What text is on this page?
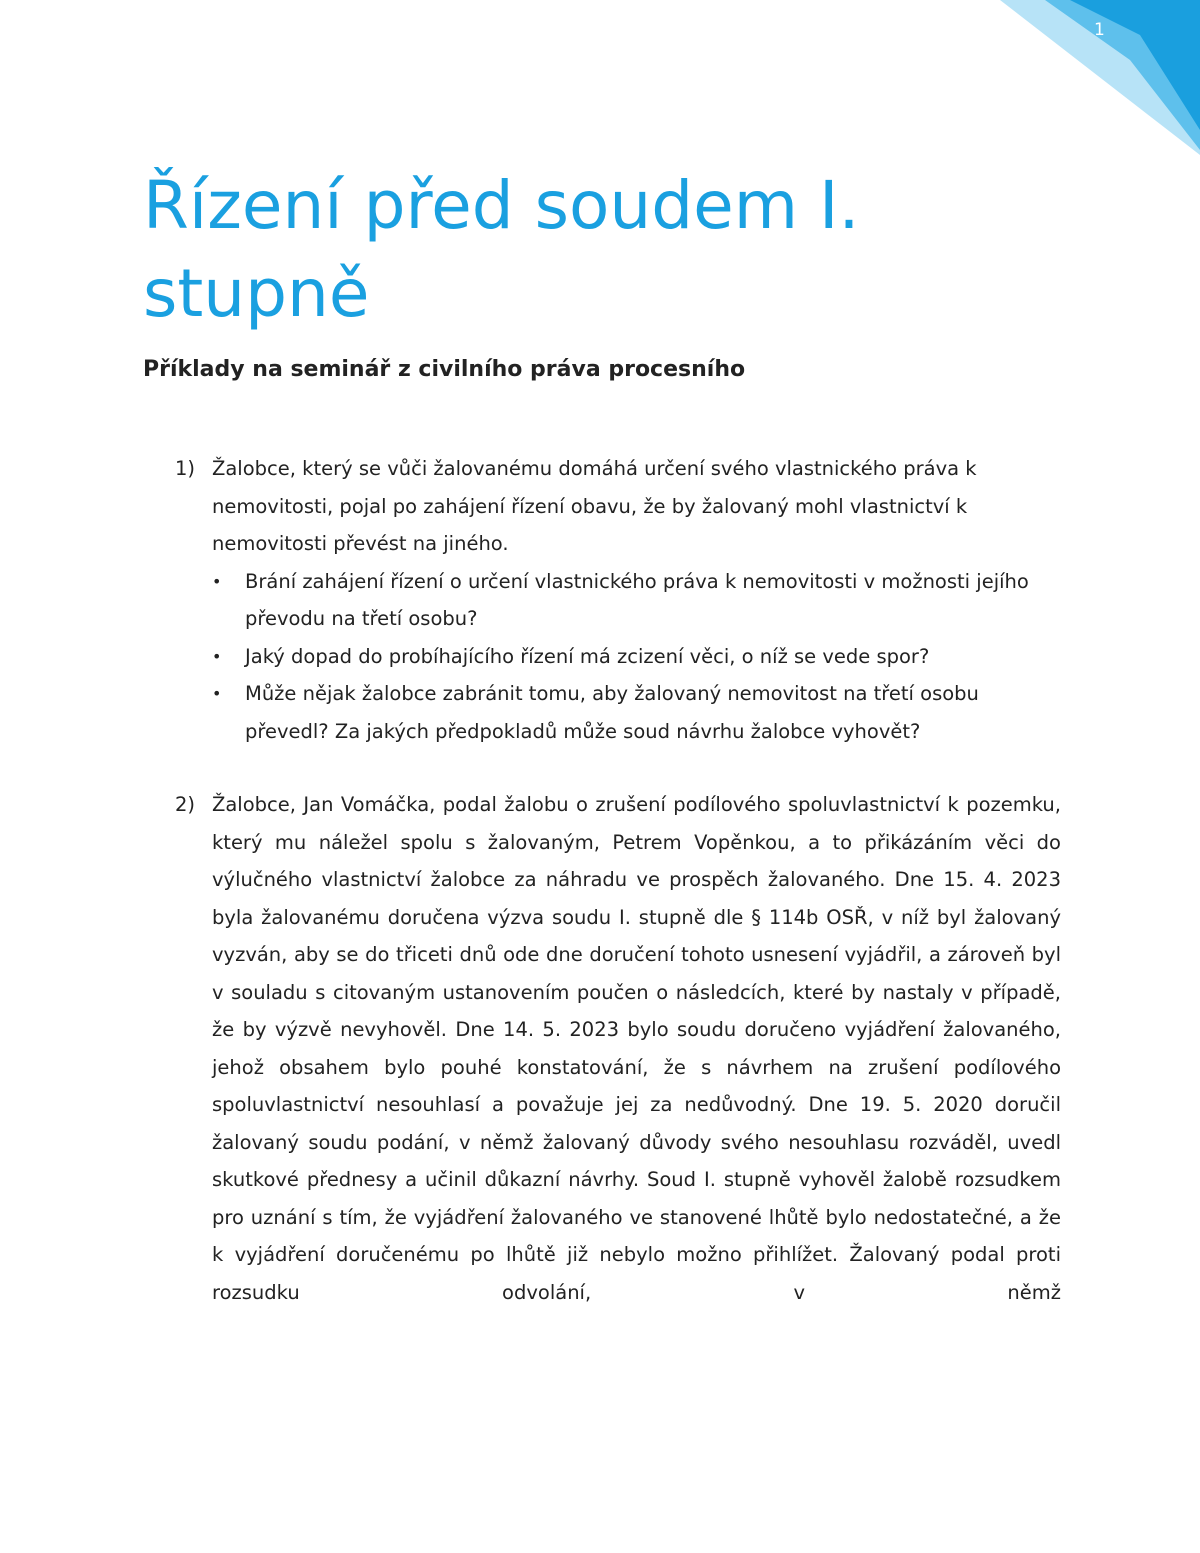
1
Řízení před soudem I. stupně
Příklady na seminář z civilního práva procesního
1) Žalobce, který se vůči žalovanému domáhá určení svého vlastnického práva k nemovitosti, pojal po zahájení řízení obavu, že by žalovaný mohl vlastnictví k nemovitosti převést na jiného.

• Brání zahájení řízení o určení vlastnického práva k nemovitosti v možnosti jejího převodu na třetí osobu?
• Jaký dopad do probíhajícího řízení má zcizení věci, o níž se vede spor?
• Může nějak žalobce zabránit tomu, aby žalovaný nemovitost na třetí osobu převedl? Za jakých předpokladů může soud návrhu žalobce vyhovět?
2) Žalobce, Jan Vomáčka, podal žalobu o zrušení podílového spoluvlastnictví k pozemku, který mu náležel spolu s žalovaným, Petrem Vopěnkou, a to přikázáním věci do výlučného vlastnictví žalobce za náhradu ve prospěch žalovaného. Dne 15. 4. 2023 byla žalovanému doručena výzva soudu I. stupně dle § 114b OSŘ, v níž byl žalovaný vyzván, aby se do třiceti dnů ode dne doručení tohoto usnesení vyjádřil, a zároveň byl v souladu s citovaným ustanovením poučen o následcích, které by nastaly v případě, že by výzvě nevyhověl. Dne 14. 5. 2023 bylo soudu doručeno vyjádření žalovaného, jehož obsahem bylo pouhé konstatování, že s návrhem na zrušení podílového spoluvlastnictví nesouhlasí a považuje jej za nedůvodný. Dne 19. 5. 2020 doručil žalovaný soudu podání, v němž žalovaný důvody svého nesouhlasu rozváděl, uvedl skutkové přednesy a učinil důkazní návrhy. Soud I. stupně vyhověl žalobě rozsudkem pro uznání s tím, že vyjádření žalovaného ve stanovené lhůtě bylo nedostatečné, a že k vyjádření doručenému po lhůtě již nebylo možno přihlížet. Žalovaný podal proti rozsudku odvolání, v němž
